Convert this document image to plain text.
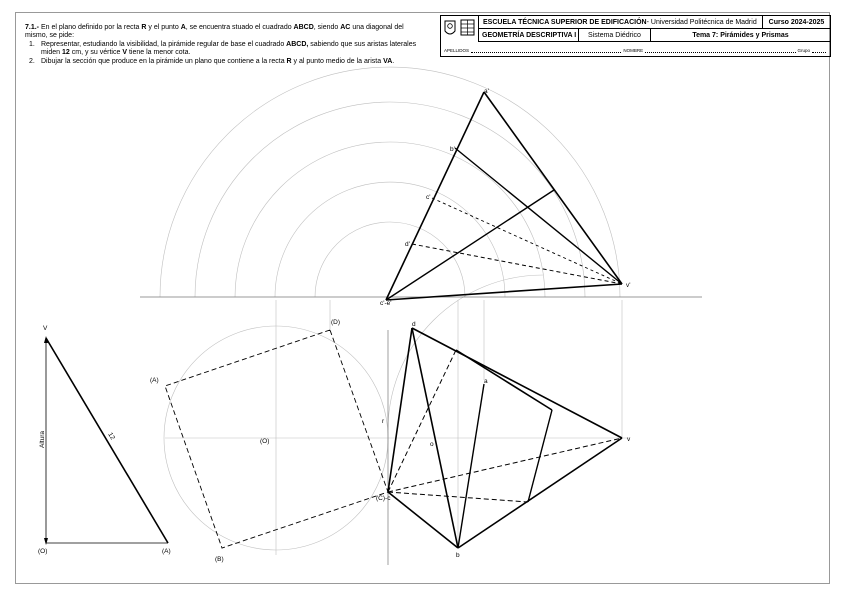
7.1.- En el plano definido por la recta R y el punto A, se encuentra stuado el cuadrado ABCD, siendo AC una diagonal del mismo, se pide:

1. Representar, estudiando la visibilidad, la pirámide regular de base el cuadrado ABCD, sabiendo que sus aristas laterales miden 12 cm, y su vértice V tiene la menor cota.

2. Dibujar la sección que produce en la pirámide un plano que contiene a la recta R y al punto medio de la arista VA.

ESCUELA TÉCNICA SUPERIOR DE EDIFICACIÓN - Universidad Politécnica de Madrid Curso 2024-2025
GEOMETRÍA DESCRIPTIVA I Sistema Diédrico	Tema 7: Pirámides y Prismas
APELLIDOS	NOMBRE	Grupo
a'
b'
c'
d'
c'-e'
v'
(D)
(A)
(O)
(B)
(C)-c
d
a
b
v
o
r
V
(O)	(A)
Altura	12
